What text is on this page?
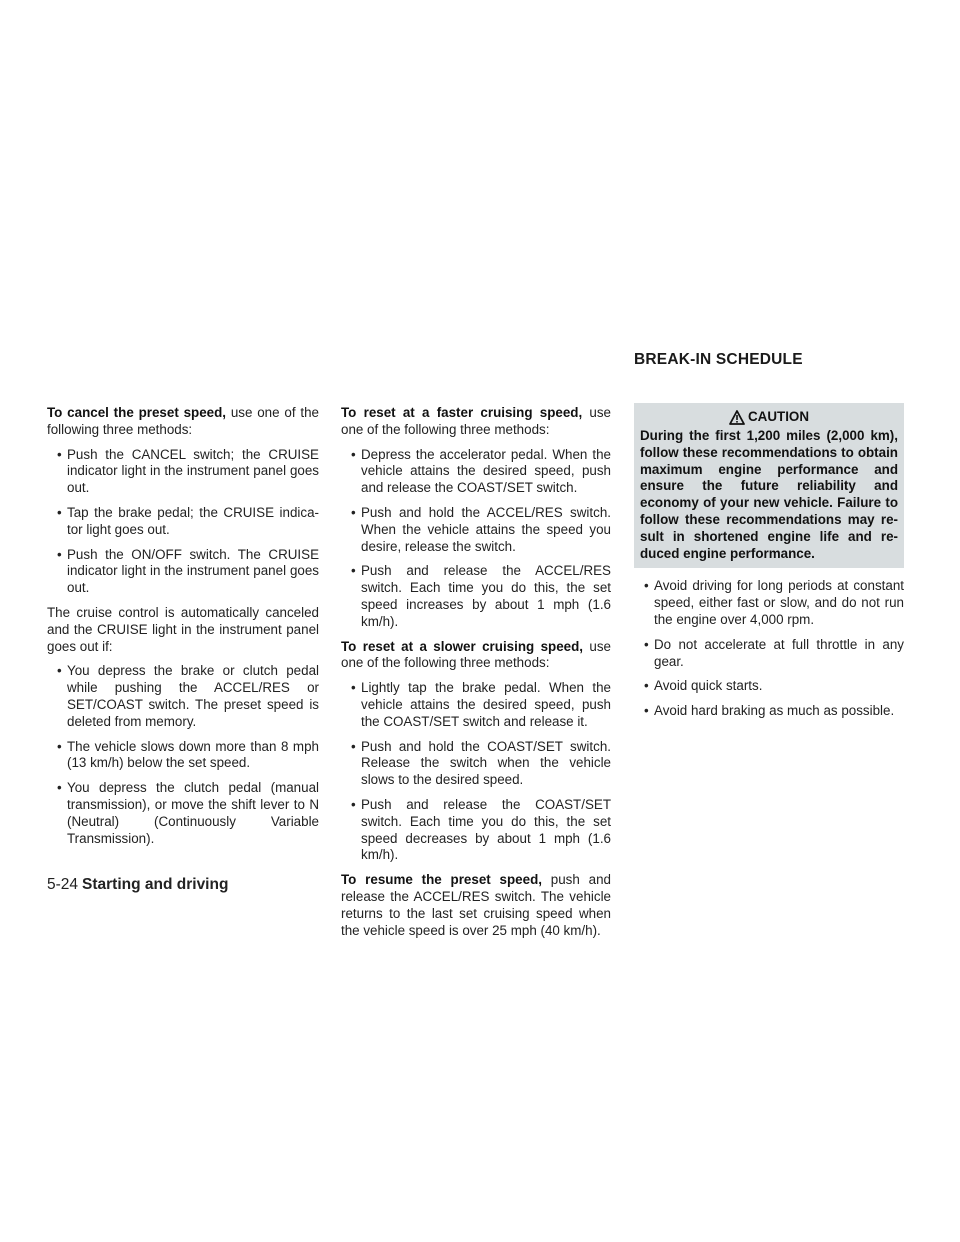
BREAK-IN SCHEDULE

To cancel the preset speed, use one of the following three methods:

• Push the CANCEL switch; the CRUISE indicator light in the instrument panel goes out.
• Tap the brake pedal; the CRUISE indicator light goes out.
• Push the ON/OFF switch. The CRUISE indicator light in the instrument panel goes out.

The cruise control is automatically canceled and the CRUISE light in the instrument panel goes out if:

• You depress the brake or clutch pedal while pushing the ACCEL/RES or SET/COAST switch. The preset speed is deleted from memory.
• The vehicle slows down more than 8 mph (13 km/h) below the set speed.
• You depress the clutch pedal (manual transmission), or move the shift lever to N (Neutral) (Continuously Variable Transmission).

To reset at a faster cruising speed, use one of the following three methods:

• Depress the accelerator pedal. When the vehicle attains the desired speed, push and release the COAST/SET switch.
• Push and hold the ACCEL/RES switch. When the vehicle attains the speed you desire, release the switch.
• Push and release the ACCEL/RES switch. Each time you do this, the set speed increases by about 1 mph (1.6 km/h).

To reset at a slower cruising speed, use one of the following three methods:

• Lightly tap the brake pedal. When the vehicle attains the desired speed, push the COAST/SET switch and release it.
• Push and hold the COAST/SET switch. Release the switch when the vehicle slows to the desired speed.
• Push and release the COAST/SET switch. Each time you do this, the set speed decreases by about 1 mph (1.6 km/h).

To resume the preset speed, push and release the ACCEL/RES switch. The vehicle returns to the last set cruising speed when the vehicle speed is over 25 mph (40 km/h).

CAUTION
During the first 1,200 miles (2,000 km), follow these recommendations to obtain maximum engine performance and ensure the future reliability and economy of your new vehicle. Failure to follow these recommendations may result in shortened engine life and reduced engine performance.
• Avoid driving for long periods at constant speed, either fast or slow, and do not run the engine over 4,000 rpm.
• Do not accelerate at full throttle in any gear.
• Avoid quick starts.
• Avoid hard braking as much as possible.
5-24 Starting and driving
